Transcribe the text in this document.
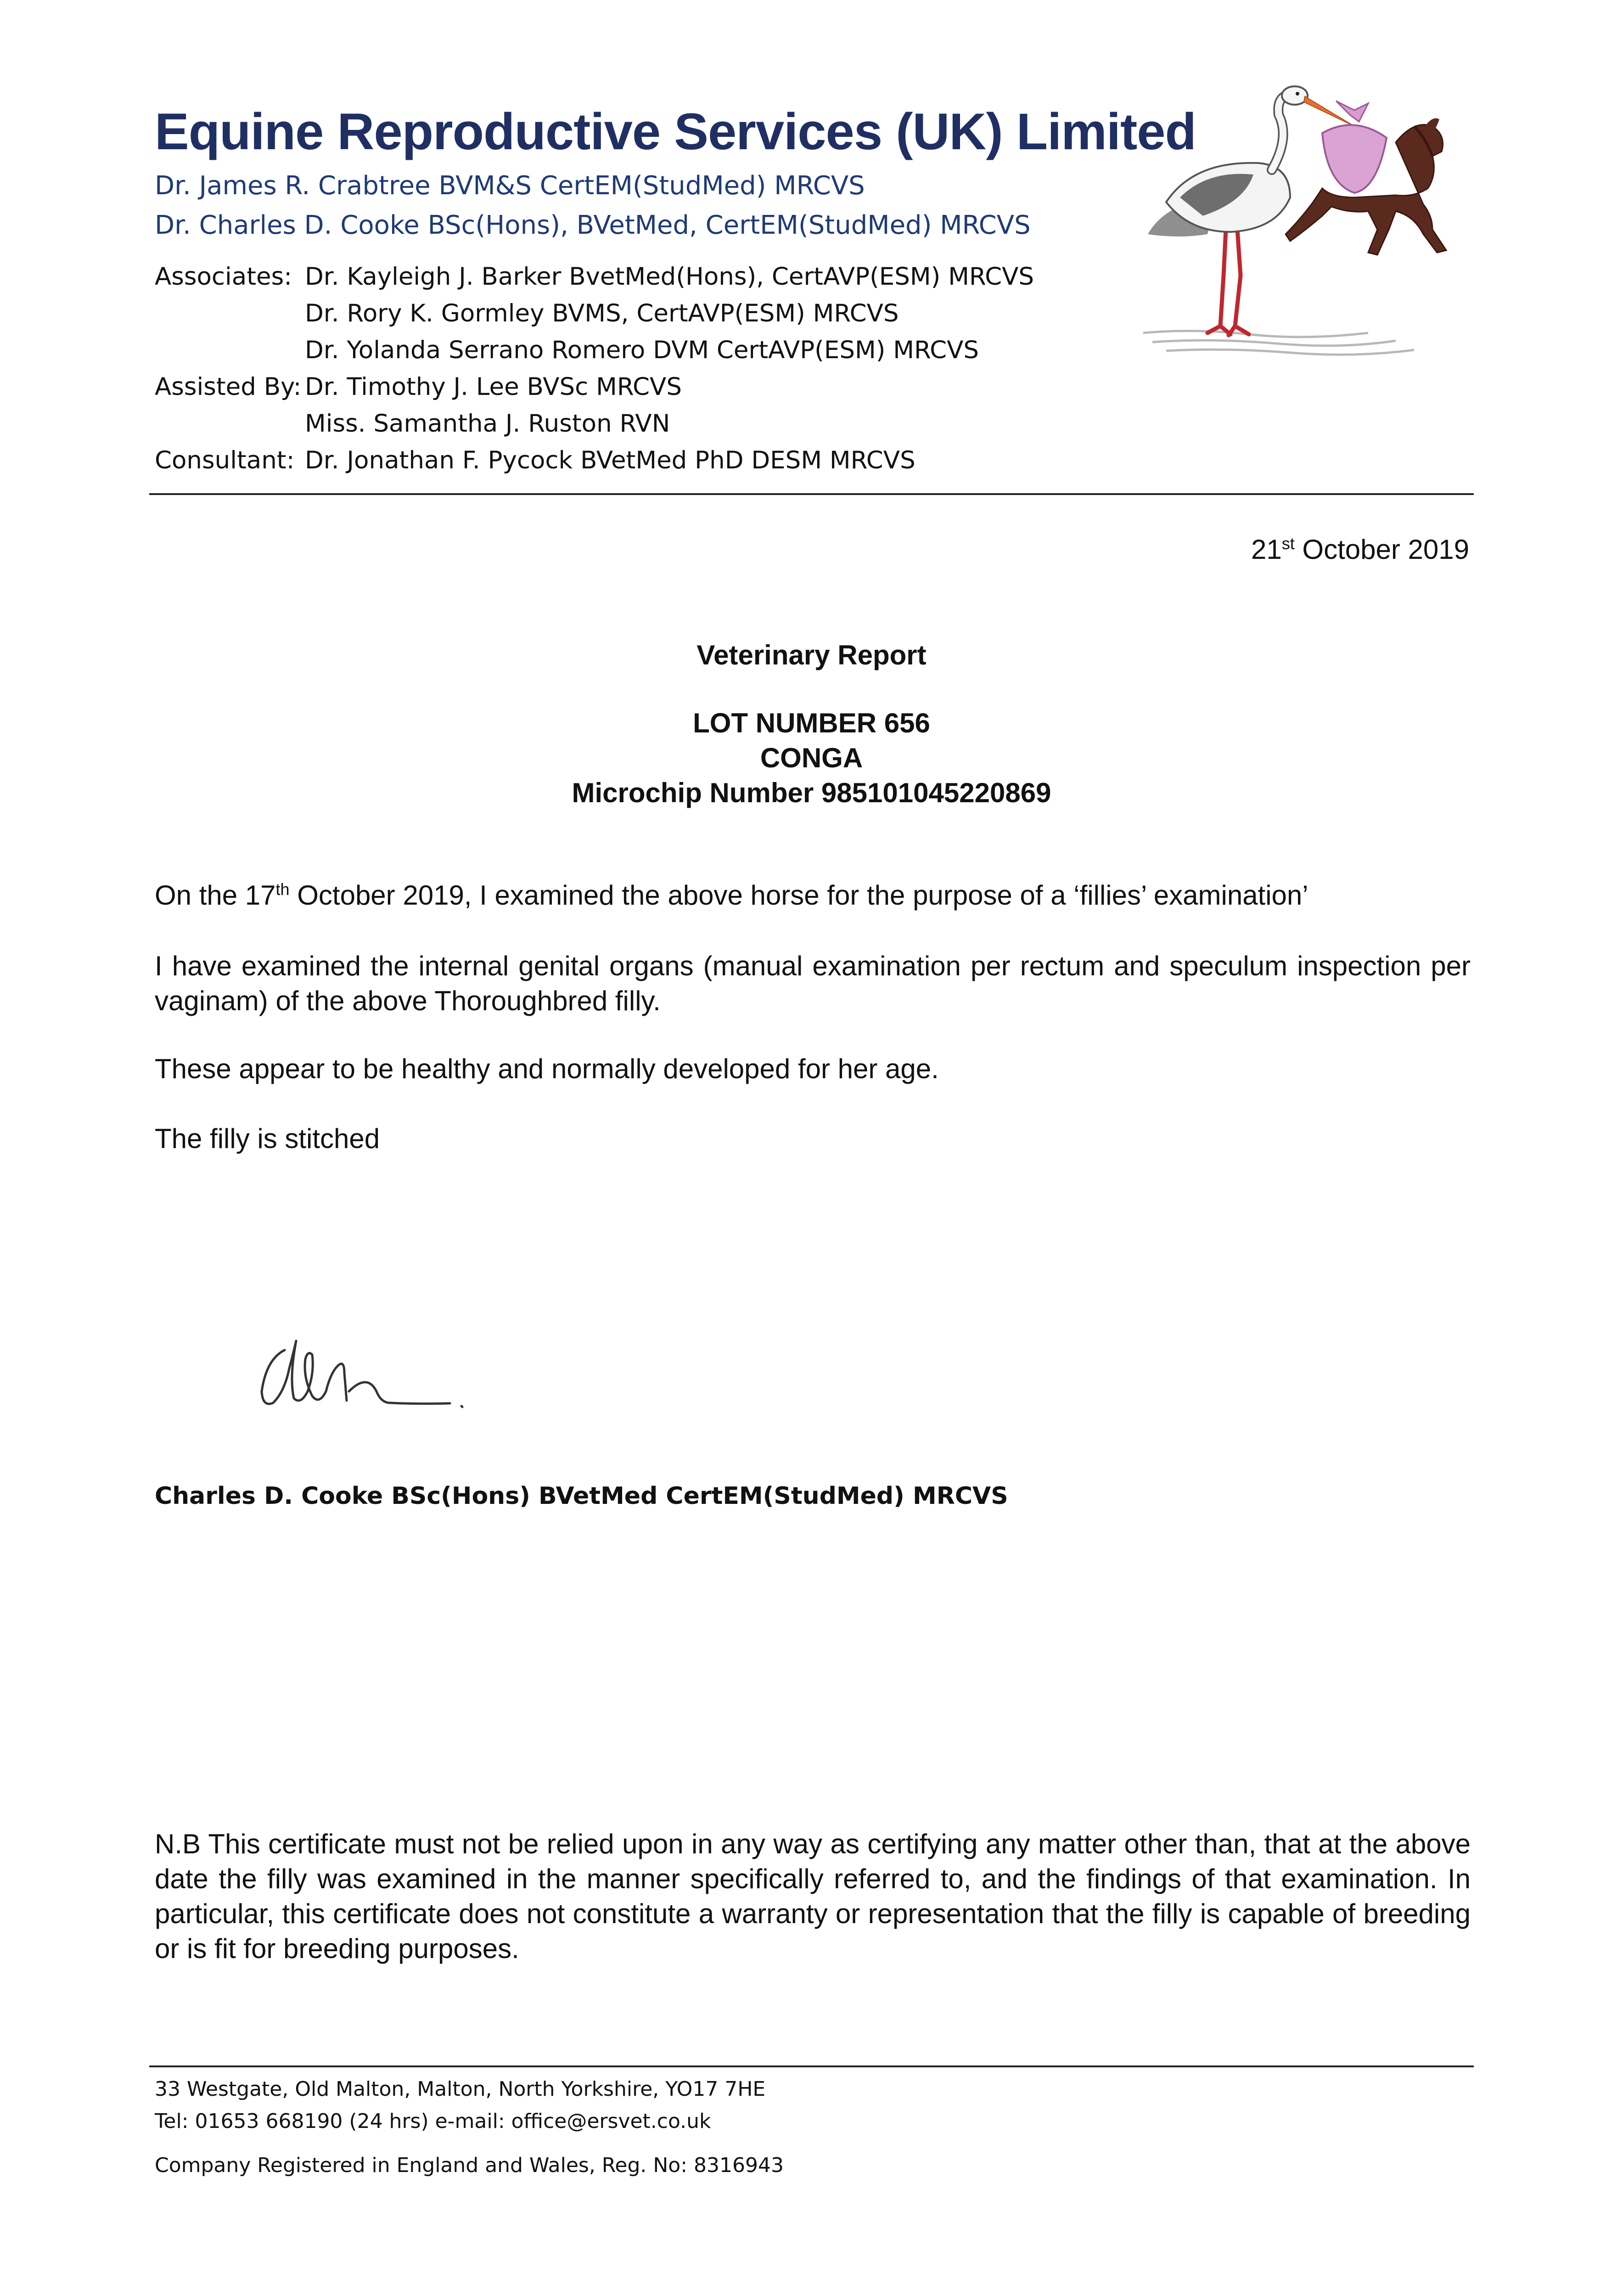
Equine Reproductive Services (UK) Limited
Dr. James R. Crabtree BVM&S CertEM(StudMed) MRCVS
Dr. Charles D. Cooke BSc(Hons), BVetMed, CertEM(StudMed) MRCVS
Associates: Dr. Kayleigh J. Barker BvetMed(Hons), CertAVP(ESM) MRCVS
Dr. Rory K. Gormley BVMS, CertAVP(ESM) MRCVS
Dr. Yolanda Serrano Romero DVM CertAVP(ESM) MRCVS
Assisted By: Dr. Timothy J. Lee BVSc MRCVS
Miss. Samantha J. Ruston RVN
Consultant: Dr. Jonathan F. Pycock BVetMed PhD DESM MRCVS
21st October 2019
Veterinary Report
LOT NUMBER 656
CONGA
Microchip Number 985101045220869

On the 17th October 2019, I examined the above horse for the purpose of a ‘fillies’ examination’

I have examined the internal genital organs (manual examination per rectum and speculum inspection per vaginam) of the above Thoroughbred filly.

These appear to be healthy and normally developed for her age.

The filly is stitched

Charles D. Cooke BSc(Hons) BVetMed CertEM(StudMed) MRCVS

N.B This certificate must not be relied upon in any way as certifying any matter other than, that at the above date the filly was examined in the manner specifically referred to, and the findings of that examination. In particular, this certificate does not constitute a warranty or representation that the filly is capable of breeding or is fit for breeding purposes.

33 Westgate, Old Malton, Malton, North Yorkshire, YO17 7HE
Tel: 01653 668190 (24 hrs) e-mail: office@ersvet.co.uk
Company Registered in England and Wales, Reg. No: 8316943
